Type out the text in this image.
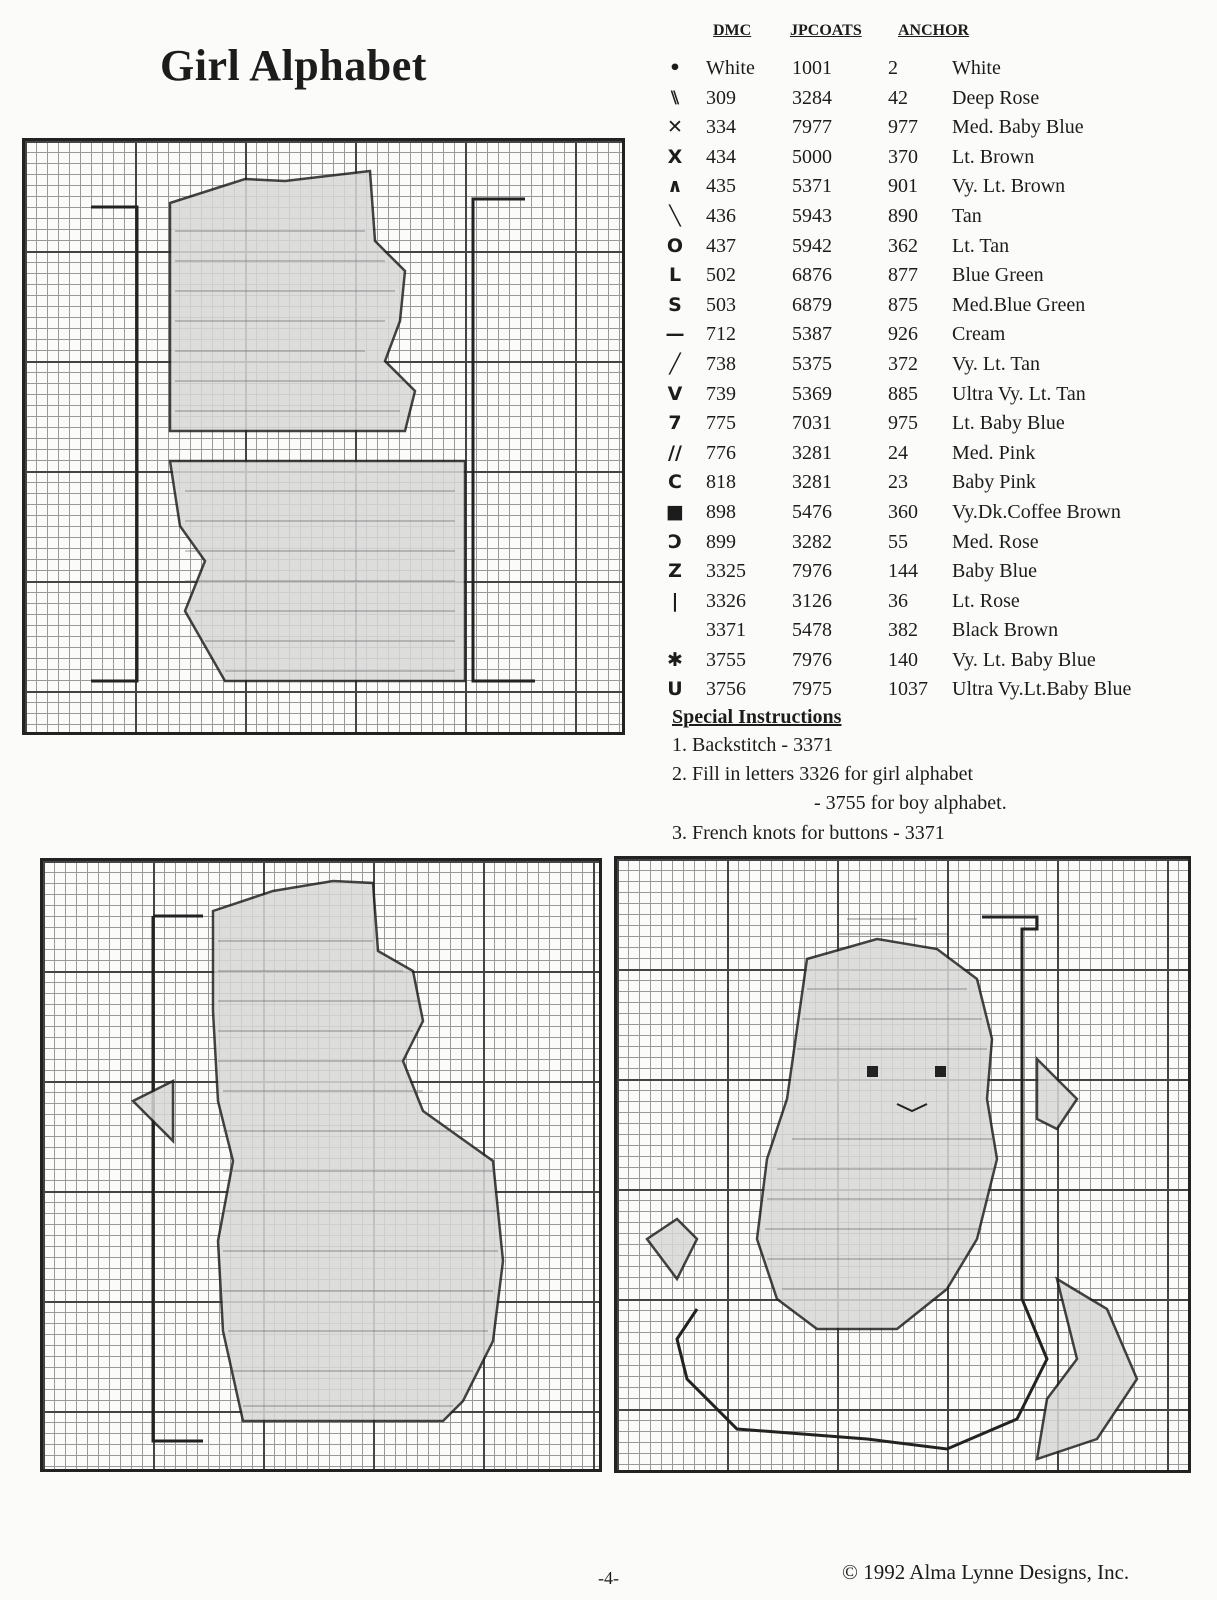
Girl Alphabet
DMC JPCOATS ANCHOR
•	White 1001	2	White
⑊	309	3284	42 Deep Rose
✕	334	7977	977 Med. Baby Blue
X	434	5000	370 Lt. Brown
∧	435	5371	901 Vy. Lt. Brown
╲	436	5943	890 Tan
O	437	5942	362 Lt. Tan
L	502	6876	877 Blue Green
S	503	6879	875 Med.Blue Green
— 712	5387	926 Cream
╱	738	5375	372 Vy. Lt. Tan
V	739	5369	885 Ultra Vy. Lt. Tan
7	775	7031	975 Lt. Baby Blue
//	776	3281	24 Med. Pink
C	818	3281	23 Baby Pink
■	898	5476	360 Vy.Dk.Coffee Brown
Ↄ	899	3282	55 Med. Rose
Z	3325 7976	144 Baby Blue
|	3326 3126	36 Lt. Rose
3371 5478	382 Black Brown
✱	3755 7976	140 Vy. Lt. Baby Blue
U	3756 7975	1037 Ultra Vy.Lt.Baby Blue
Special Instructions
1. Backstitch - 3371
2. Fill in letters 3326 for girl alphabet
- 3755 for boy alphabet.
3. French knots for buttons - 3371
-4-	© 1992 Alma Lynne Designs, Inc.
